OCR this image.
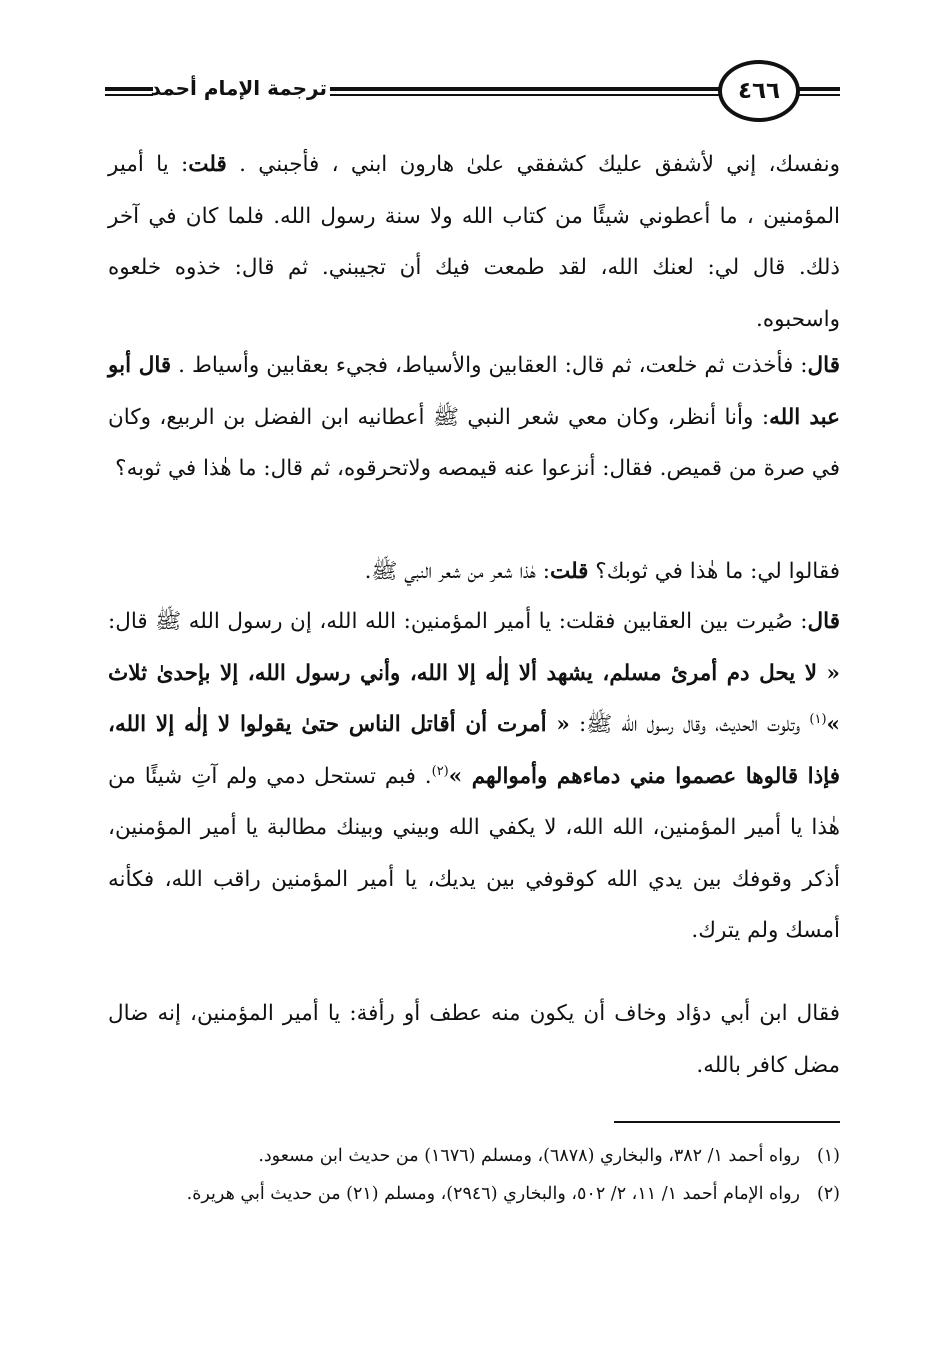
ترجمة الإمام أحمد	٤٦٦

ونفسك، إني لأشفق عليك كشفقي علىٰ هارون ابني ، فأجبني . قلت: يا أمير المؤمنين ، ما أعطوني شيئًا من كتاب الله ولا سنة رسول الله. فلما كان في آخر ذلك. قال لي: لعنك الله، لقد طمعت فيك أن تجيبني. ثم قال: خذوه خلعوه واسحبوه.

قال: فأخذت ثم خلعت، ثم قال: العقابين والأسياط، فجيء بعقابين وأسياط . قال أبو عبد الله: وأنا أنظر، وكان معي شعر النبي ﷺ أعطانيه ابن الفضل بن الربيع، وكان في صرة من قميص. فقال: أنزعوا عنه قيمصه ولاتحرقوه، ثم قال: ما هٰذا في ثوبه؟

فقالوا لي: ما هٰذا في ثوبك؟ قلت: هٰذا شعر من شعر النبي ﷺ.

قال: صُيرت بين العقابين فقلت: يا أمير المؤمنين: الله الله، إن رسول الله ﷺ قال: « لا يحل دم أمرئ مسلم، يشهد ألا إلٰه إلا الله، وأني رسول الله، إلا بإحدىٰ ثلاث »$^{(١)}$ وتلوت الحديث، وقال رسول الله ﷺ: « أمرت أن أقاتل الناس حتىٰ يقولوا لا إلٰه إلا الله، فإذا قالوها عصموا مني دماءهم وأموالهم »$^{(٢)}$. فبم تستحل دمي ولم آتِ شيئًا من هٰذا يا أمير المؤمنين، الله الله، لا يكفي الله وبيني وبينك مطالبة يا أمير المؤمنين، أذكر وقوفك بين يدي الله كوقوفي بين يديك، يا أمير المؤمنين راقب الله، فكأنه أمسك ولم يترك.

فقال ابن أبي دؤاد وخاف أن يكون منه عطف أو رأفة: يا أمير المؤمنين، إنه ضال مضل كافر بالله.

(١)
رواه أحمد ١/ ٣٨٢، والبخاري (٦٨٧٨)، ومسلم (١٦٧٦) من حديث ابن مسعود.
(٢)
رواه الإمام أحمد ١/ ١١، ٢/ ٥٠٢، والبخاري (٢٩٤٦)، ومسلم (٢١) من حديث أبي هريرة.
